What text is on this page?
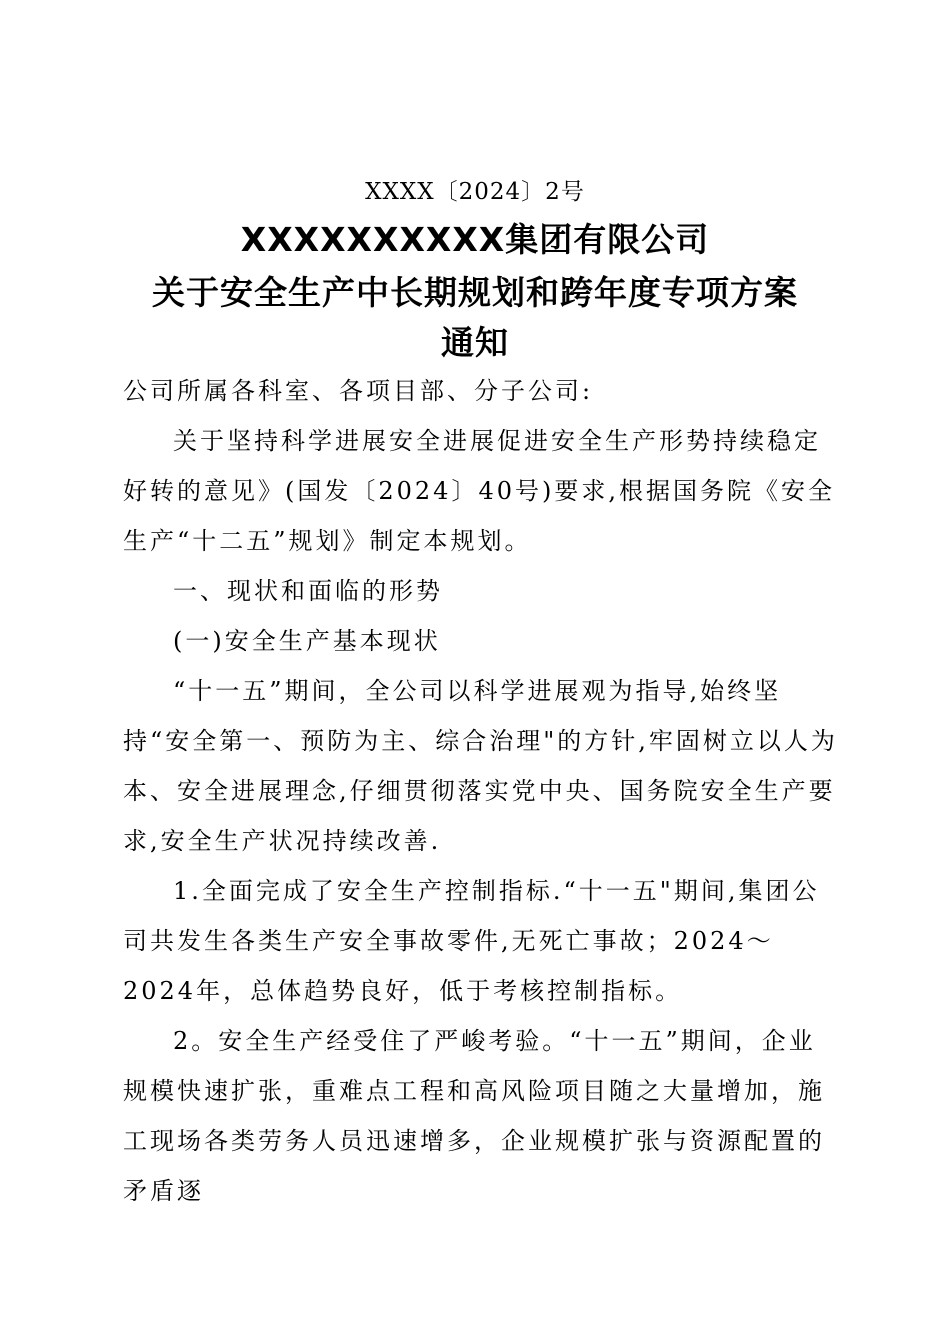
XXXX〔2024〕2号
XXXXXXXXXX集团有限公司
关于安全生产中长期规划和跨年度专项方案
通知
公司所属各科室、各项目部、分子公司:
关于坚持科学进展安全进展促进安全生产形势持续稳定好转的意见》(国发〔2024〕40号)要求,根据国务院《安全生产“十二五”规划》制定本规划。
一、现状和面临的形势
(一)安全生产基本现状
“十一五”期间，全公司以科学进展观为指导,始终坚持“安全第一、预防为主、综合治理"的方针,牢固树立以人为本、安全进展理念,仔细贯彻落实党中央、国务院安全生产要求,安全生产状况持续改善.
1.全面完成了安全生产控制指标.“十一五"期间,集团公司共发生各类生产安全事故零件,无死亡事故；2024～2024年，总体趋势良好，低于考核控制指标。
2。安全生产经受住了严峻考验。“十一五”期间，企业规模快速扩张，重难点工程和高风险项目随之大量增加，施工现场各类劳务人员迅速增多，企业规模扩张与资源配置的矛盾逐
